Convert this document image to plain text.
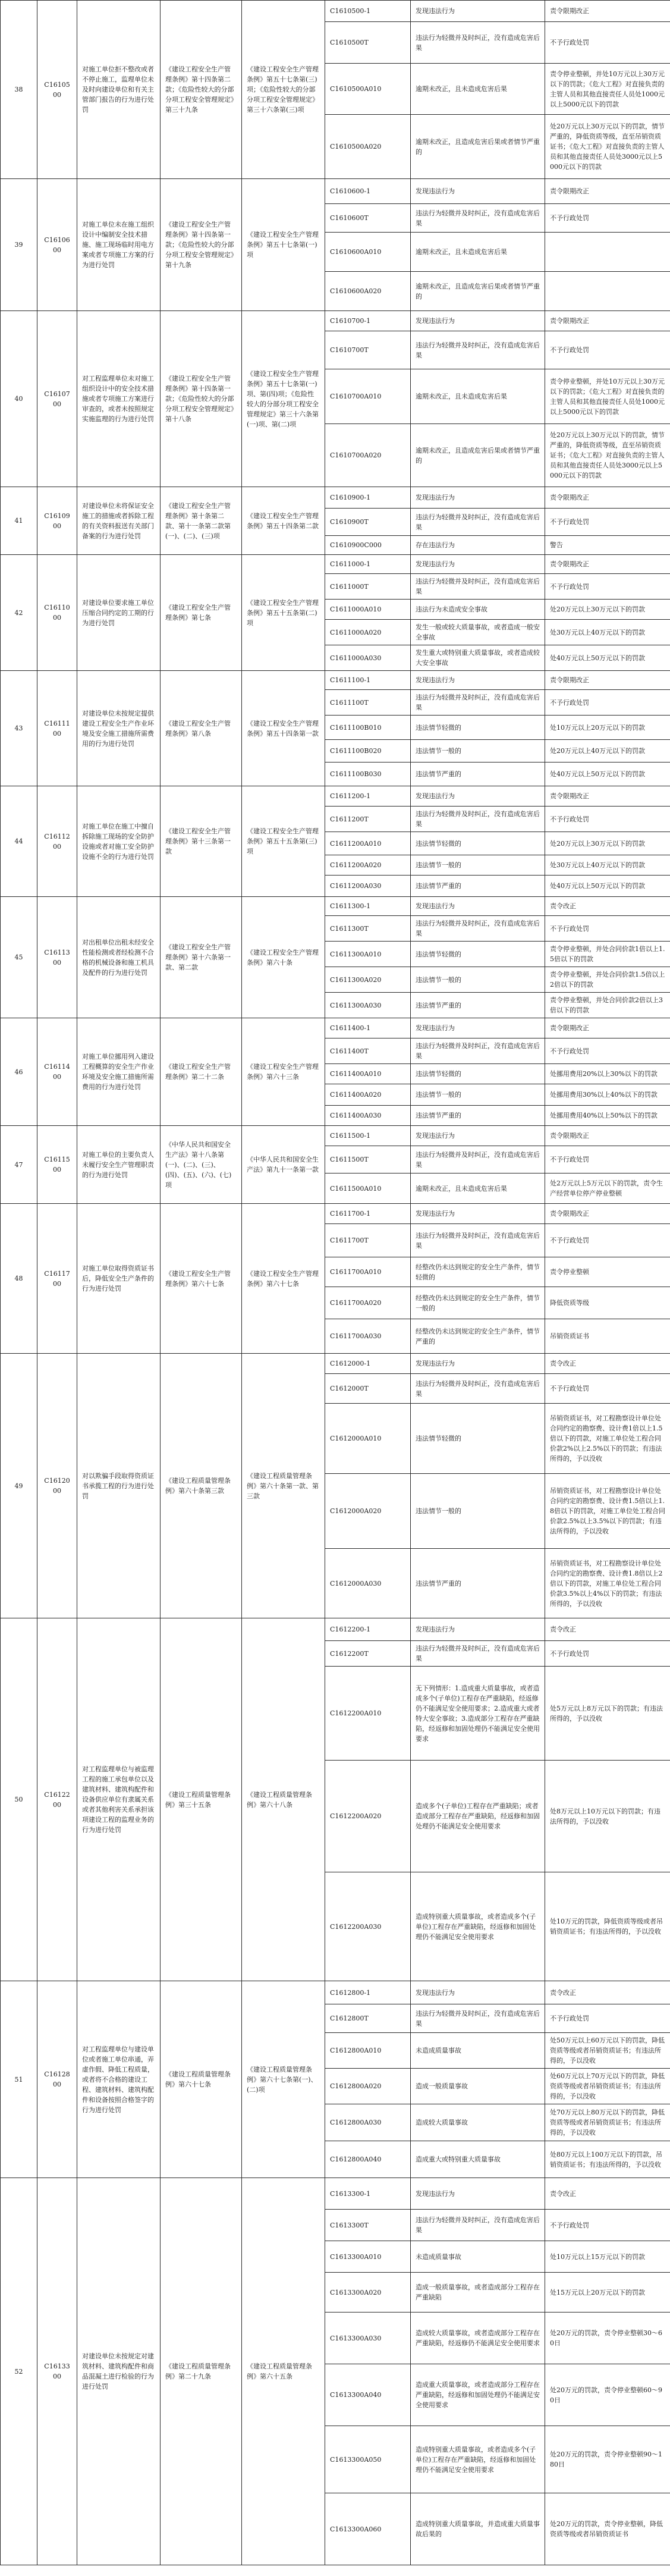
38	C1610500	对施工单位拒不整改或者不停止施工，监理单位未及时向建设单位和有关主管部门报告的行为进行处罚	《建设工程安全生产管理条例》第十四条第二款；《危险性较大的分部分项工程安全管理规定》第三十九条	《建设工程安全生产管理条例》第五十七条第(三)项；《危险性较大的分部分项工程安全管理规定》第三十六条第(三)项	C1610500-1	发现违法行为	责令限期改正
					C1610500T	违法行为轻微并及时纠正，没有造成危害后果	不予行政处罚
					C1610500A010	逾期未改正，且未造成危害后果	责令停业整顿，并处10万元以上30万元以下的罚款；《危大工程》对直接负责的主管人员和其他直接责任人员处1000元以上5000元以下的罚款
					C1610500A020	逾期未改正，且造成危害后果或者情节严重的	处20万元以上30万元以下的罚款，情节严重的，降低资质等级，直至吊销资质证书；《危大工程》对直接负责的主管人员和其他直接责任人员处3000元以上5000元以下的罚款
39	C1610600	对施工单位未在施工组织设计中编制安全技术措施、施工现场临时用电方案或者专项施工方案的行为进行处罚	《建设工程安全生产管理条例》第十四条第一款；《危险性较大的分部分项工程安全管理规定》第十九条	《建设工程安全生产管理条例》第五十七条第(一)项	C1610600-1	发现违法行为	责令限期改正
					C1610600T	违法行为轻微并及时纠正，没有造成危害后果	不予行政处罚
					C1610600A010	逾期未改正，且未造成危害后果	
					C1610600A020	逾期未改正，且造成危害后果或者情节严重的	
40	C1610700	对工程监理单位未对施工组织设计中的安全技术措施或者专项施工方案进行审查的，或者未按照规定实施监理的行为进行处罚	《建设工程安全生产管理条例》第十四条第一款；《危险性较大的分部分项工程安全管理规定》第十八条	《建设工程安全生产管理条例》第五十七条第(一)项、第(四)项；《危险性较大的分部分项工程安全管理规定》第三十六条第(一)项、第(二)项	C1610700-1	发现违法行为	责令限期改正
					C1610700T	违法行为轻微并及时纠正，没有造成危害后果	不予行政处罚
					C1610700A010	逾期未改正，且未造成危害后果	责令停业整顿，并处10万元以上30万元以下的罚款；《危大工程》对直接负责的主管人员和其他直接责任人员处1000元以上5000元以下的罚款
					C1610700A020	逾期未改正，且造成危害后果或者情节严重的	处20万元以上30万元以下的罚款，情节严重的，降低资质等级，直至吊销资质证书；《危大工程》对直接负责的主管人员和其他直接责任人员处3000元以上5000元以下的罚款
41	C1610900	对建设单位未将保证安全施工的措施或者拆除工程的有关资料报送有关部门备案的行为进行处罚	《建设工程安全生产管理条例》第十条第二款、第十一条第二款第(一)、(二)、(三)项	《建设工程安全生产管理条例》第五十四条第二款	C1610900-1	发现违法行为	责令限期改正
					C1610900T	违法行为轻微并及时纠正，没有造成危害后果	不予行政处罚
					C1610900C000	存在违法行为	警告
42	C1611000	对建设单位要求施工单位压缩合同约定的工期的行为进行处罚	《建设工程安全生产管理条例》第七条	《建设工程安全生产管理条例》第五十五条第(二)项	C1611000-1	发现违法行为	责令限期改正
					C1611000T	违法行为轻微并及时纠正，没有造成危害后果	不予行政处罚
					C1611000A010	违法行为未造成安全事故	处20万元以上30万元以下的罚款
					C1611000A020	发生一般或较大质量事故，或者造成一般安全事故	处30万元以上40万元以下的罚款
					C1611000A030	发生重大或特别重大质量事故，或者造成较大安全事故	处40万元以上50万元以下的罚款
43	C1611100	对建设单位未按规定提供建设工程安全生产作业环境及安全施工措施所需费用的行为进行处罚	《建设工程安全生产管理条例》第八条	《建设工程安全生产管理条例》第五十四条第一款	C1611100-1	发现违法行为	责令限期改正
					C1611100T	违法行为轻微并及时纠正，没有造成危害后果	不予行政处罚
					C1611100B010	违法情节轻微的	处10万元以上20万元以下的罚款
					C1611100B020	违法情节一般的	处20万元以上40万元以下的罚款
					C1611100B030	违法情节严重的	处40万元以上50万元以下的罚款
44	C1611200	对施工单位在施工中擅自拆除施工现场的安全防护设施或者对施工安全防护设施不全的行为进行处罚	《建设工程安全生产管理条例》第十三条第一款	《建设工程安全生产管理条例》第五十五条第(三)项	C1611200-1	发现违法行为	责令限期改正
					C1611200T	违法行为轻微并及时纠正，没有造成危害后果	不予行政处罚
					C1611200A010	违法情节轻微的	处20万元以上30万元以下的罚款
					C1611200A020	违法情节一般的	处30万元以上40万元以下的罚款
					C1611200A030	违法情节严重的	处40万元以上50万元以下的罚款
45	C1611300	对出租单位出租未经安全性能检测或者经检测不合格的机械设备和施工机具及配件的行为进行处罚	《建设工程安全生产管理条例》第十六条第一款、第二款	《建设工程安全生产管理条例》第六十条	C1611300-1	发现违法行为	责令改正
					C1611300T	违法行为轻微并及时纠正，没有造成危害后果	不予行政处罚
					C1611300A010	违法情节轻微的	责令停业整顿，并处合同价款1倍以上1.5倍以下的罚款
					C1611300A020	违法情节一般的	责令停业整顿，并处合同价款1.5倍以上2倍以下的罚款
					C1611300A030	违法情节严重的	责令停业整顿，并处合同价款2倍以上3倍以下的罚款
46	C1611400	对施工单位挪用列入建设工程概算的安全生产作业环境及安全施工措施所需费用的行为进行处罚	《建设工程安全生产管理条例》第二十二条	《建设工程安全生产管理条例》第六十三条	C1611400-1	发现违法行为	责令限期改正
					C1611400T	违法行为轻微并及时纠正，没有造成危害后果	不予行政处罚
					C1611400A010	违法情节轻微的	处挪用费用20%以上30%以下的罚款
					C1611400A020	违法情节一般的	处挪用费用30%以上40%以下的罚款
					C1611400A030	违法情节严重的	处挪用费用40%以上50%以下的罚款
47	C1611500	对施工单位的主要负责人未履行安全生产管理职责的行为进行处罚	《中华人民共和国安全生产法》第十八条第(一)、(二)、(三)、(四)、(五)、(六)、(七)项	《中华人民共和国安全生产法》第九十一条第一款	C1611500-1	发现违法行为	责令限期改正
					C1611500T	违法行为轻微并及时纠正，没有造成危害后果	不予行政处罚
					C1611500A010	逾期未改正，且未造成危害后果	处2万元以上5万元以下的罚款，责令生产经营单位停产停业整顿
48	C1611700	对施工单位取得资质证书后，降低安全生产条件的行为进行处罚	《建设工程安全生产管理条例》第六十七条	《建设工程安全生产管理条例》第六十七条	C1611700-1	发现违法行为	责令限期改正
					C1611700T	违法行为轻微并及时纠正，没有造成危害后果	不予行政处罚
					C1611700A010	经整改仍未达到规定的安全生产条件，情节轻微的	责令停业整顿
					C1611700A020	经整改仍未达到规定的安全生产条件，情节一般的	降低资质等级
					C1611700A030	经整改仍未达到规定的安全生产条件，情节严重的	吊销资质证书
49	C1612000	对以欺骗手段取得资质证书承揽工程的行为进行处罚	《建设工程质量管理条例》第六十条第三款	《建设工程质量管理条例》第六十条第一款、第三款	C1612000-1	发现违法行为	责令改正
					C1612000T	违法行为轻微并及时纠正，没有造成危害后果	不予行政处罚
					C1612000A010	违法情节轻微的	吊销资质证书，对工程勘察设计单位处合同约定的勘察费、设计费1倍以上1.5倍以下的罚款，对施工单位处工程合同价款2%以上2.5%以下的罚款；有违法所得的，予以没收
					C1612000A020	违法情节一般的	吊销资质证书，对工程勘察设计单位处合同约定的勘察费、设计费1.5倍以上1.8倍以下的罚款，对施工单位处工程合同价款2.5%以上3.5%以下的罚款；有违法所得的，予以没收
					C1612000A030	违法情节严重的	吊销资质证书，对工程勘察设计单位处合同约定的勘察费、设计费1.8倍以上2倍以下的罚款，对施工单位处工程合同价款3.5%以上4%以下的罚款；有违法所得的，予以没收
50	C1612200	对工程监理单位与被监理工程的施工承包单位以及建筑材料、建筑构配件和设备供应单位有隶属关系或者其他利害关系承担该项建设工程的监理业务的行为进行处罚	《建设工程质量管理条例》第三十五条	《建设工程质量管理条例》第六十八条	C1612200-1	发现违法行为	责令改正
					C1612200T	违法行为轻微并及时纠正，没有造成危害后果	不予行政处罚
					C1612200A010	无下列情形：1.造成重大质量事故，或者造成多个(子单位)工程存在严重缺陷，经返修仍不能满足安全使用要求；2.造成重大或者特大安全事故；3.造成部分工程存在严重缺陷，经返修和加固处理仍不能满足安全使用要求	处5万元以上8万元以下的罚款；有违法所得的，予以没收
					C1612200A020	造成多个(子单位)工程存在严重缺陷；或者造成部分工程存在严重缺陷，经返修和加固处理仍不能满足安全使用要求	处8万元以上10万元以下的罚款；有违法所得的，予以没收
					C1612200A030	造成特别重大质量事故，或者造成多个(子单位)工程存在严重缺陷，经返修和加固处理仍不能满足安全使用要求	处10万元的罚款，降低资质等级或者吊销资质证书；有违法所得的，予以没收
51	C1612800	对工程监理单位与建设单位或者施工单位串通，弄虚作假、降低工程质量，或者将不合格的建设工程、建筑材料、建筑构配件和设备按照合格签字的行为进行处罚	《建设工程质量管理条例》第六十七条	《建设工程质量管理条例》第六十七条第(一)、(二)项	C1612800-1	发现违法行为	责令改正
					C1612800T	违法行为轻微并及时纠正，没有造成危害后果	不予行政处罚
					C1612800A010	未造成质量事故	处50万元以上60万元以下的罚款，降低资质等级或者吊销资质证书；有违法所得的，予以没收
					C1612800A020	造成一般质量事故	处60万元以上70万元以下的罚款，降低资质等级或者吊销资质证书；有违法所得的，予以没收
					C1612800A030	造成较大质量事故	处70万元以上80万元以下的罚款，降低资质等级或者吊销资质证书；有违法所得的，予以没收
					C1612800A040	造成重大或特别重大质量事故	处80万元以上100万元以下的罚款，吊销资质证书；有违法所得的，予以没收
52	C1613300	对建设单位未按规定对建筑材料、建筑构配件和商品混凝土进行检验的行为进行处罚	《建设工程质量管理条例》第二十九条	《建设工程质量管理条例》第六十五条	C1613300-1	发现违法行为	责令改正
					C1613300T	违法行为轻微并及时纠正，没有造成危害后果	不予行政处罚
					C1613300A010	未造成质量事故	处10万元以上15万元以下的罚款
					C1613300A020	造成一般质量事故，或者造成部分工程存在严重缺陷	处15万元以上20万元以下的罚款
					C1613300A030	造成较大质量事故，或者造成部分工程存在严重缺陷，经返修仍不能满足安全使用要求	处20万元的罚款，责令停业整顿30～60日
					C1613300A040	造成重大质量事故，或者造成部分工程存在严重缺陷，经返修和加固处理仍不能满足安全使用要求	处20万元的罚款，责令停业整顿60～90日
					C1613300A050	造成特别重大质量事故，或者造成多个(子单位)工程存在严重缺陷，经返修和加固处理仍不能满足安全使用要求	处20万元的罚款，责令停业整顿90～180日
					C1613300A060	造成特别重大质量事故，并造成重大质量事故后果的	处20万元的罚款，责令停业整顿，降低资质等级或者吊销资质证书
